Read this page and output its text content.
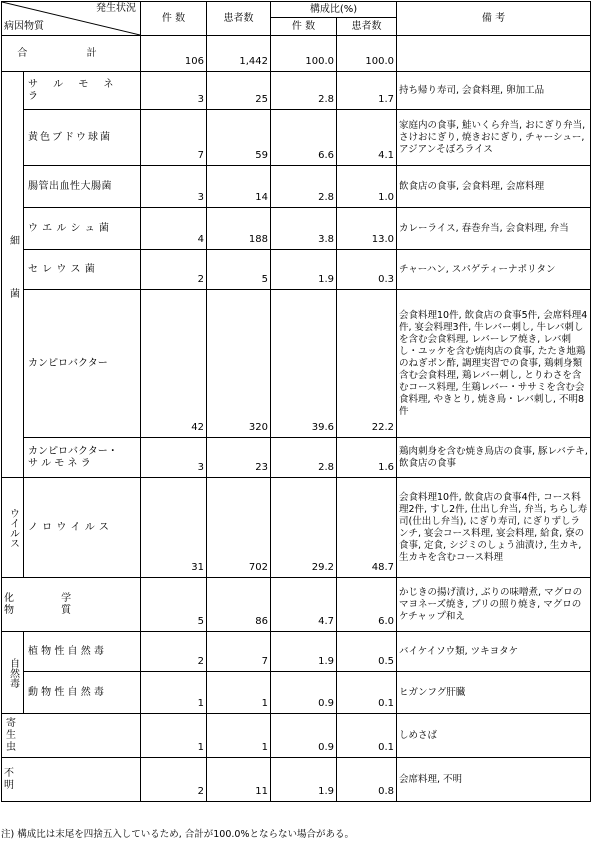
発生状況
病因物質		件 数	患者数	構成比(%)		備 考
				件 数	患者数	
合 計		106	1,442	100.0	100.0	

細 菌	サ ル モ ネ ラ	3	25	2.8	1.7	持ち帰り寿司, 会食料理, 卵加工品
	黄色ブドウ球菌	7	59	6.6	4.1	家庭内の食事, 鮭いくら弁当, おにぎり弁当, さけおにぎり, 焼きおにぎり, チャーシュー, アジアンそぼろライス
	腸管出血性大腸菌	3	14	2.8	1.0	飲食店の食事, 会食料理, 会席料理
	ウ エ ル シ ュ 菌	4	188	3.8	13.0	カレーライス, 春巻弁当, 会食料理, 弁当
	セ レ ウ ス 菌	2	5	1.9	0.3	チャーハン, スパゲティーナポリタン
	カンピロバクター	42	320	39.6	22.2	会食料理10件, 飲食店の食事5件, 会席料理4件, 宴会料理3件, 牛レバー刺し, 牛レバ刺しを含む会食料理, レバーレア焼き, レバ刺し・ユッケを含む焼肉店の食事, たたき地鶏のねぎポン酢, 調理実習での食事, 鶏刺身類含む会食料理, 鶏レバー刺し, とりわさを含むコース料理, 生鶏レバー・ササミを含む会食料理, やきとり, 焼き鳥・レバ刺し, 不明8件

	カンピロバクター・
サ ル モ ネ ラ	3	23	2.8	1.6	鶏肉刺身を含む焼き鳥店の食事, 豚レバテキ, 飲食店の食事

ウイルス	ノ ロ ウ イ ル ス	31	702	29.2	48.7	会食料理10件, 飲食店の食事4件, コース料理2件, すし2件, 仕出し弁当, 弁当, ちらし寿司(仕出し弁当), にぎり寿司, にぎりずしランチ, 宴会コース料理, 宴会料理, 給食, 寮の食事, 定食, シジミのしょう油漬け, 生カキ, 生カキを含むコース料理
化 学 物 質		5	86	4.7	6.0	かじきの揚げ漬け, ぶりの味噌煮, マグロのマヨネーズ焼き, ブリの照り焼き, マグロのケチャップ和え

自然毒	植 物 性 自 然 毒	2	7	1.9	0.5	バイケイソウ類, ツキヨタケ
	動 物 性 自 然 毒	1	1	0.9	0.1	ヒガンフグ肝臓

寄 生 虫		1	1	0.9	0.1	しめさば
不 明		2	11	1.9	0.8	会席料理, 不明
注) 構成比は末尾を四捨五入しているため, 合計が100.0%とならない場合がある。
